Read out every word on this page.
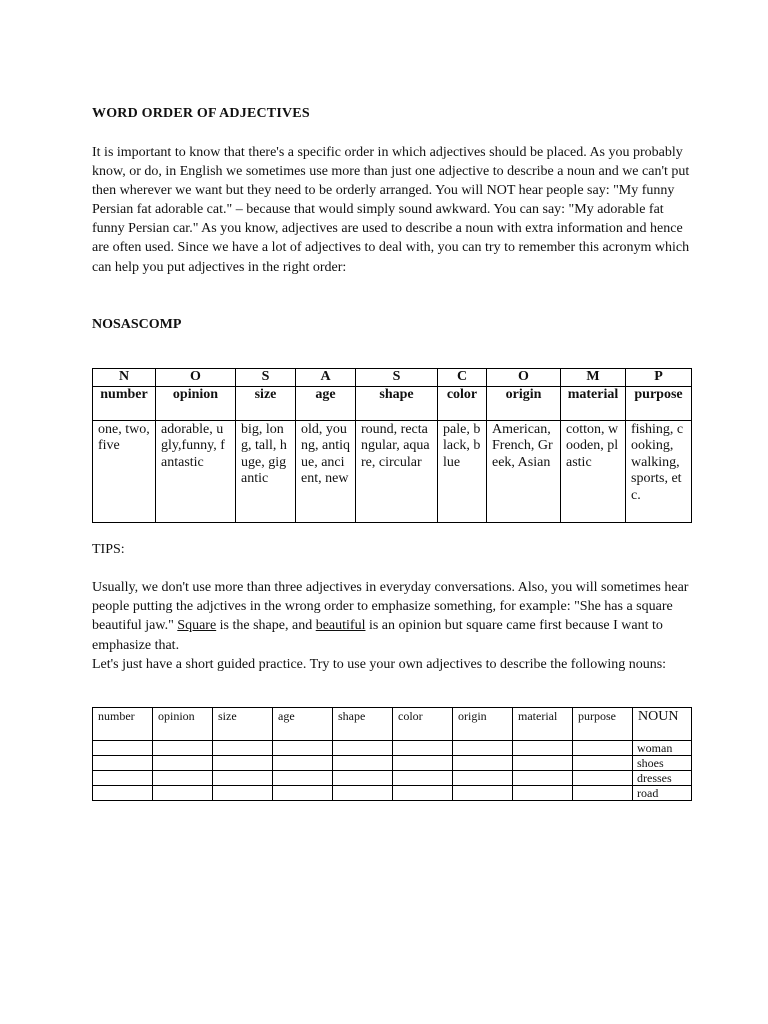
WORD ORDER OF ADJECTIVES
It is important to know that there's a specific order in which adjectives should be placed. As you probably know, or do, in English we sometimes use more than just one adjective to describe a noun and we can't put then wherever we want but they need to be orderly arranged. You will NOT hear people say: "My funny Persian fat adorable cat." – because that would simply sound awkward. You can say: "My adorable fat funny Persian car." As you know, adjectives are used to describe a noun with extra information and hence are often used. Since we have a lot of adjectives to deal with, you can try to remember this acronym which can help you put adjectives in the right order:
NOSASCOMP
N	O	S	A	S	C	O	M	P
number	opinion	size	age	shape	color	origin	material	purpose
one, two, five	adorable, ugly,funny, fantastic	big, long, tall, huge, gigantic	old, young, antique, ancient, new	round, rectangular, aquare, circular	pale, black, blue	American, French, Greek, Asian	cotton, wooden, plastic	fishing, cooking, walking, sports, etc.
TIPS:
Usually, we don't use more than three adjectives in everyday conversations. Also, you will sometimes hear people putting the adjctives in the wrong order to emphasize something, for example: "She has a square beautiful jaw." Square is the shape, and beautiful is an opinion but square came first because I want to emphasize that.
Let's just have a short guided practice. Try to use your own adjectives to describe the following nouns:
number	opinion	size	age	shape	color	origin	material	purpose	NOUN
									woman
									shoes
									dresses
									road
